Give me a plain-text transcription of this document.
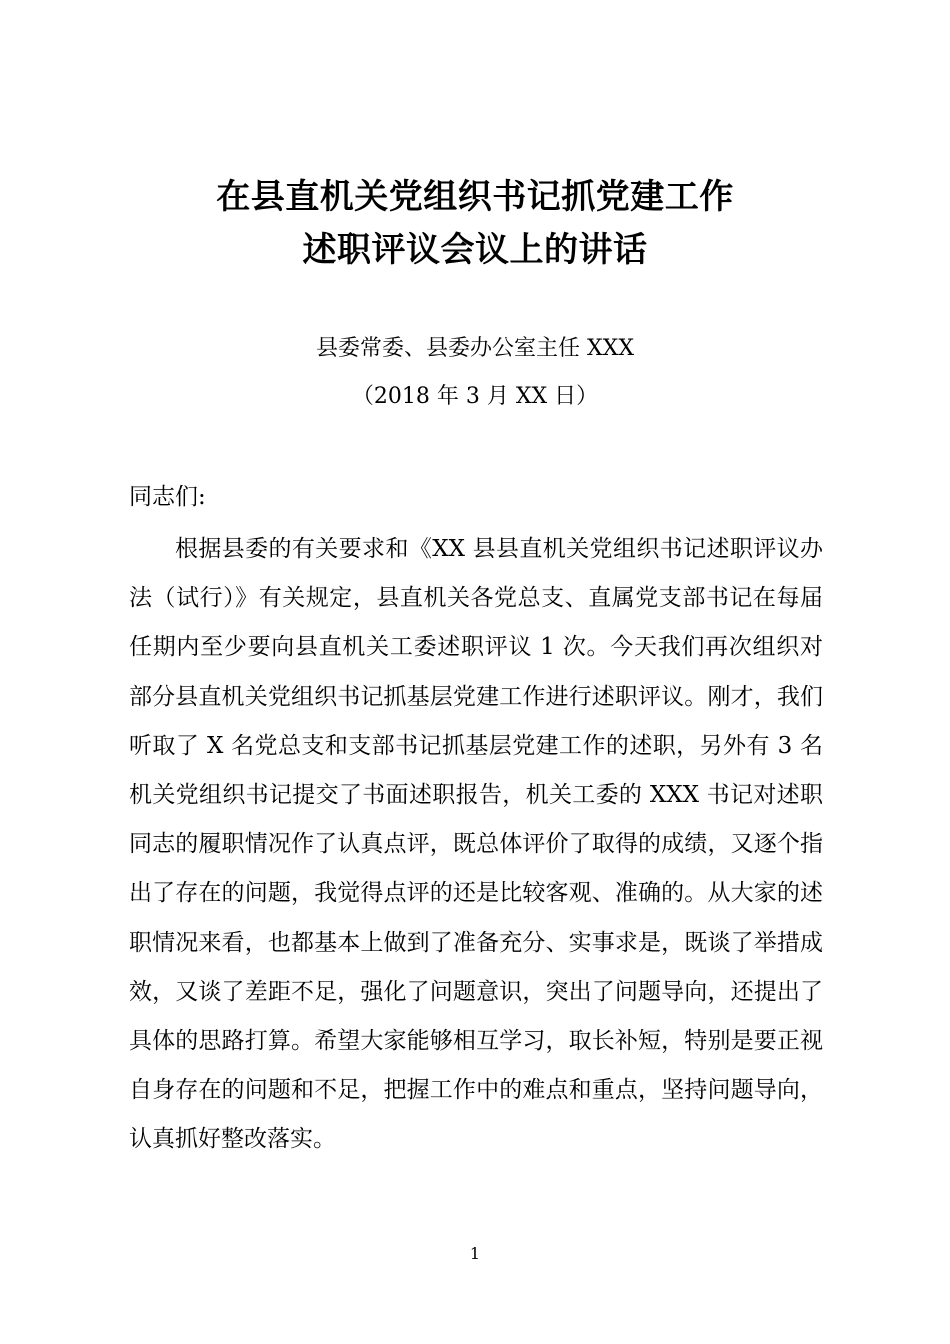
在县直机关党组织书记抓党建工作
述职评议会议上的讲话
县委常委、县委办公室主任 XXX
（2018 年 3 月 XX 日）
同志们:

根据县委的有关要求和《XX 县县直机关党组织书记述职评议办法（试行）》有关规定，县直机关各党总支、直属党支部书记在每届任期内至少要向县直机关工委述职评议 1 次。今天我们再次组织对部分县直机关党组织书记抓基层党建工作进行述职评议。刚才，我们听取了 X 名党总支和支部书记抓基层党建工作的述职，另外有 3 名机关党组织书记提交了书面述职报告，机关工委的 XXX 书记对述职同志的履职情况作了认真点评，既总体评价了取得的成绩，又逐个指出了存在的问题，我觉得点评的还是比较客观、准确的。从大家的述职情况来看，也都基本上做到了准备充分、实事求是，既谈了举措成效，又谈了差距不足，强化了问题意识，突出了问题导向，还提出了具体的思路打算。希望大家能够相互学习，取长补短，特别是要正视自身存在的问题和不足，把握工作中的难点和重点，坚持问题导向，认真抓好整改落实。

1
